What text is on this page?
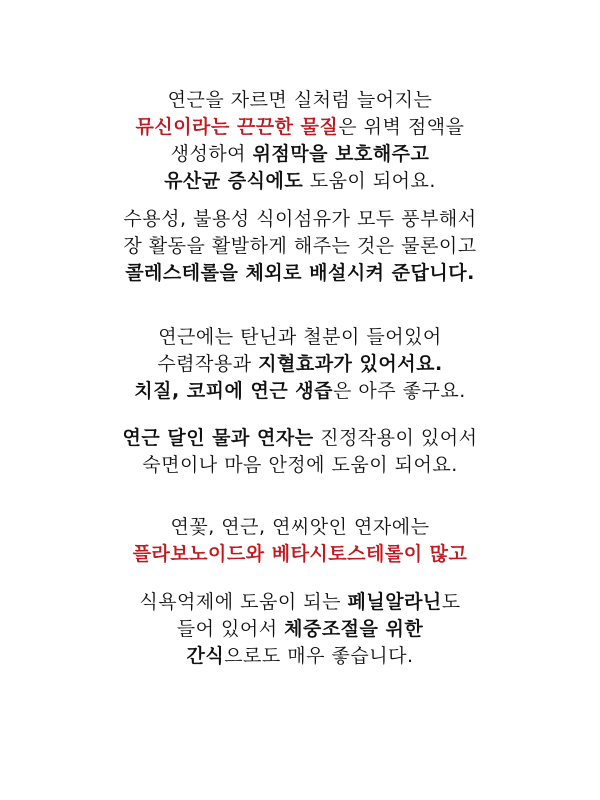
연근을 자르면 실처럼 늘어지는
뮤신이라는 끈끈한 물질은 위벽 점액을
생성하여 위점막을 보호해주고
유산균 증식에도 도움이 되어요.
수용성, 불용성 식이섬유가 모두 풍부해서
장 활동을 활발하게 해주는 것은 물론이고
콜레스테롤을 체외로 배설시켜 준답니다.
연근에는 탄닌과 철분이 들어있어
수렴작용과 지혈효과가 있어서요.
치질, 코피에 연근 생즙은 아주 좋구요.
연근 달인 물과 연자는 진정작용이 있어서
숙면이나 마음 안정에 도움이 되어요.
연꽃, 연근, 연씨앗인 연자에는
플라보노이드와 베타시토스테롤이 많고
식욕억제에 도움이 되는 페닐알라닌도
들어 있어서 체중조절을 위한
간식으로도 매우 좋습니다.
